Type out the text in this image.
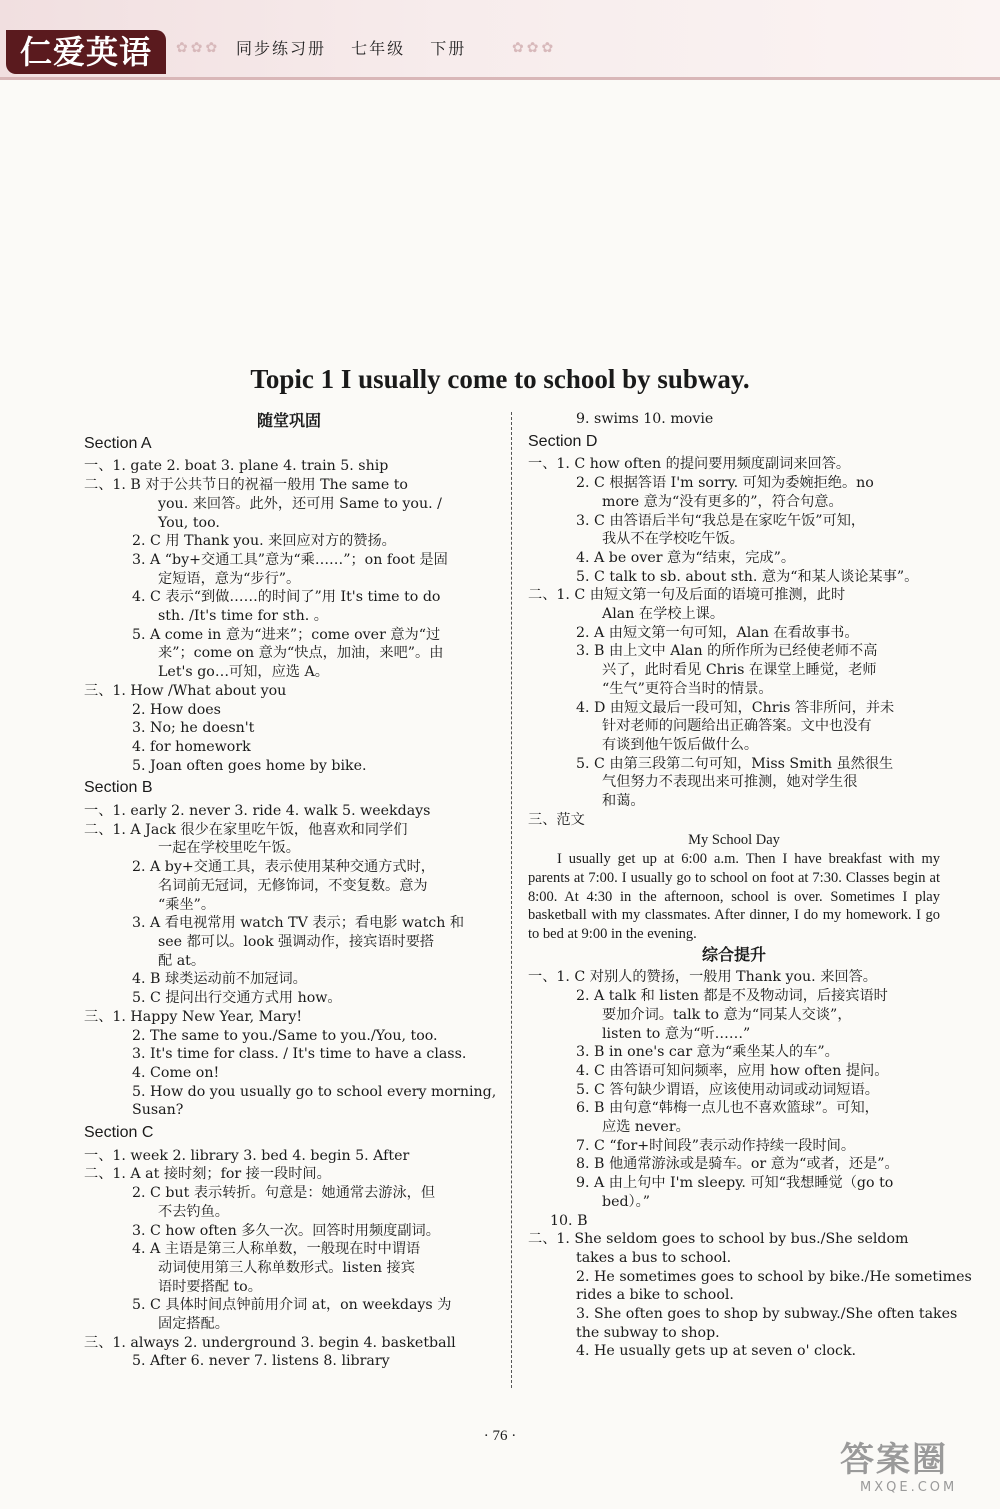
仁爱英语	✿✿✿ 同步练习册 七年级 下册	✿✿✿
Topic 1 I usually come to school by subway.
随堂巩固
Section A
一、1. gate 2. boat 3. plane 4. train 5. ship
二、1. B 对于公共节日的祝福一般用 The same to
you. 来回答。此外，还可用 Same to you. /
You, too.
2. C 用 Thank you. 来回应对方的赞扬。
3. A “by+交通工具”意为“乘……”；on foot 是固
定短语，意为“步行”。
4. C 表示“到做……的时间了”用 It's time to do
sth. /It's time for sth. 。
5. A come in 意为“进来”；come over 意为“过
来”；come on 意为“快点，加油，来吧”。由
Let's go…可知，应选 A。
三、1. How /What about you
2. How does
3. No; he doesn't
4. for homework
5. Joan often goes home by bike.
Section B
一、1. early 2. never 3. ride 4. walk 5. weekdays
二、1. A Jack 很少在家里吃午饭，他喜欢和同学们
一起在学校里吃午饭。
2. A by+交通工具，表示使用某种交通方式时，
名词前无冠词，无修饰词，不变复数。意为
“乘坐”。
3. A 看电视常用 watch TV 表示；看电影 watch 和
see 都可以。look 强调动作，接宾语时要搭
配 at。
4. B 球类运动前不加冠词。
5. C 提问出行交通方式用 how。
三、1. Happy New Year, Mary!
2. The same to you./Same to you./You, too.
3. It's time for class. / It's time to have a class.
4. Come on!
5. How do you usually go to school every morning,
Susan?
Section C
一、1. week 2. library 3. bed 4. begin 5. After
二、1. A at 接时刻；for 接一段时间。
2. C but 表示转折。句意是：她通常去游泳，但
不去钓鱼。
3. C how often 多久一次。回答时用频度副词。
4. A 主语是第三人称单数，一般现在时中谓语
动词使用第三人称单数形式。listen 接宾
语时要搭配 to。
5. C 具体时间点钟前用介词 at，on weekdays 为
固定搭配。
三、1. always 2. underground 3. begin 4. basketball
5. After 6. never 7. listens 8. library
9. swims 10. movie
Section D
一、1. C how often 的提问要用频度副词来回答。
2. C 根据答语 I'm sorry. 可知为委婉拒绝。no
more 意为“没有更多的”，符合句意。
3. C 由答语后半句“我总是在家吃午饭”可知，
我从不在学校吃午饭。
4. A be over 意为“结束，完成”。
5. C talk to sb. about sth. 意为“和某人谈论某事”。
二、1. C 由短文第一句及后面的语境可推测，此时
Alan 在学校上课。
2. A 由短文第一句可知，Alan 在看故事书。
3. B 由上文中 Alan 的所作所为已经使老师不高
兴了，此时看见 Chris 在课堂上睡觉，老师
“生气”更符合当时的情景。
4. D 由短文最后一段可知，Chris 答非所问，并未
针对老师的问题给出正确答案。文中也没有
有谈到他午饭后做什么。
5. C 由第三段第二句可知，Miss Smith 虽然很生
气但努力不表现出来可推测，她对学生很
和蔼。
三、范文
My School Day
I usually get up at 6:00 a.m. Then I have breakfast with my parents at 7:00. I usually go to school on foot at 7:30. Classes begin at 8:00. At 4:30 in the afternoon, school is over. Sometimes I play basketball with my classmates. After dinner, I do my homework. I go to bed at 9:00 in the evening.
综合提升
一、1. C 对别人的赞扬，一般用 Thank you. 来回答。
2. A talk 和 listen 都是不及物动词，后接宾语时
要加介词。talk to 意为“同某人交谈”，
listen to 意为“听……”
3. B in one's car 意为“乘坐某人的车”。
4. C 由答语可知问频率，应用 how often 提问。
5. C 答句缺少谓语，应该使用动词或动词短语。
6. B 由句意“韩梅一点儿也不喜欢篮球”。可知，
应选 never。
7. C “for+时间段”表示动作持续一段时间。
8. B 他通常游泳或是骑车。or 意为“或者，还是”。
9. A 由上句中 I'm sleepy. 可知“我想睡觉（go to
bed）。”
10. B
二、1. She seldom goes to school by bus./She seldom
takes a bus to school.
2. He sometimes goes to school by bike./He sometimes
rides a bike to school.
3. She often goes to shop by subway./She often takes
the subway to shop.
4. He usually gets up at seven o' clock.
· 76 ·
答案圈
MXQE.COM
